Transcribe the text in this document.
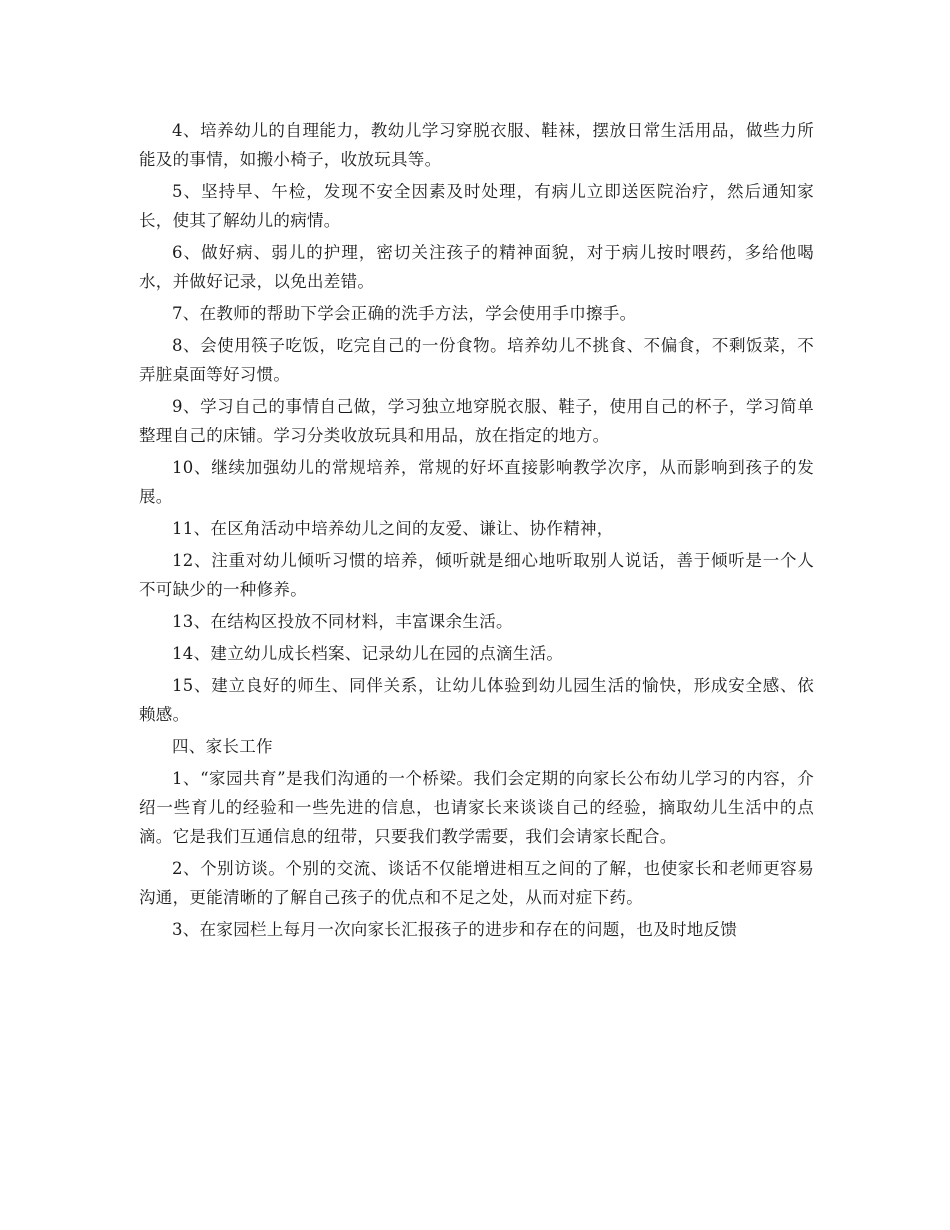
4、培养幼儿的自理能力，教幼儿学习穿脱衣服、鞋袜，摆放日常生活用品，做些力所能及的事情，如搬小椅子，收放玩具等。

5、坚持早、午检，发现不安全因素及时处理，有病儿立即送医院治疗，然后通知家长，使其了解幼儿的病情。

6、做好病、弱儿的护理，密切关注孩子的精神面貌，对于病儿按时喂药，多给他喝水，并做好记录，以免出差错。

7、在教师的帮助下学会正确的洗手方法，学会使用手巾擦手。

8、会使用筷子吃饭，吃完自己的一份食物。培养幼儿不挑食、不偏食，不剩饭菜，不弄脏桌面等好习惯。

9、学习自己的事情自己做，学习独立地穿脱衣服、鞋子，使用自己的杯子，学习简单整理自己的床铺。学习分类收放玩具和用品，放在指定的地方。

10、继续加强幼儿的常规培养，常规的好坏直接影响教学次序，从而影响到孩子的发展。

11、在区角活动中培养幼儿之间的友爱、谦让、协作精神，

12、注重对幼儿倾听习惯的培养，倾听就是细心地听取别人说话，善于倾听是一个人不可缺少的一种修养。

13、在结构区投放不同材料，丰富课余生活。

14、建立幼儿成长档案、记录幼儿在园的点滴生活。

15、建立良好的师生、同伴关系，让幼儿体验到幼儿园生活的愉快，形成安全感、依赖感。

四、家长工作

1、“家园共育”是我们沟通的一个桥梁。我们会定期的向家长公布幼儿学习的内容，介绍一些育儿的经验和一些先进的信息，也请家长来谈谈自己的经验，摘取幼儿生活中的点滴。它是我们互通信息的纽带，只要我们教学需要，我们会请家长配合。

2、个别访谈。个别的交流、谈话不仅能增进相互之间的了解，也使家长和老师更容易沟通，更能清晰的了解自己孩子的优点和不足之处，从而对症下药。

3、在家园栏上每月一次向家长汇报孩子的进步和存在的问题，也及时地反馈
